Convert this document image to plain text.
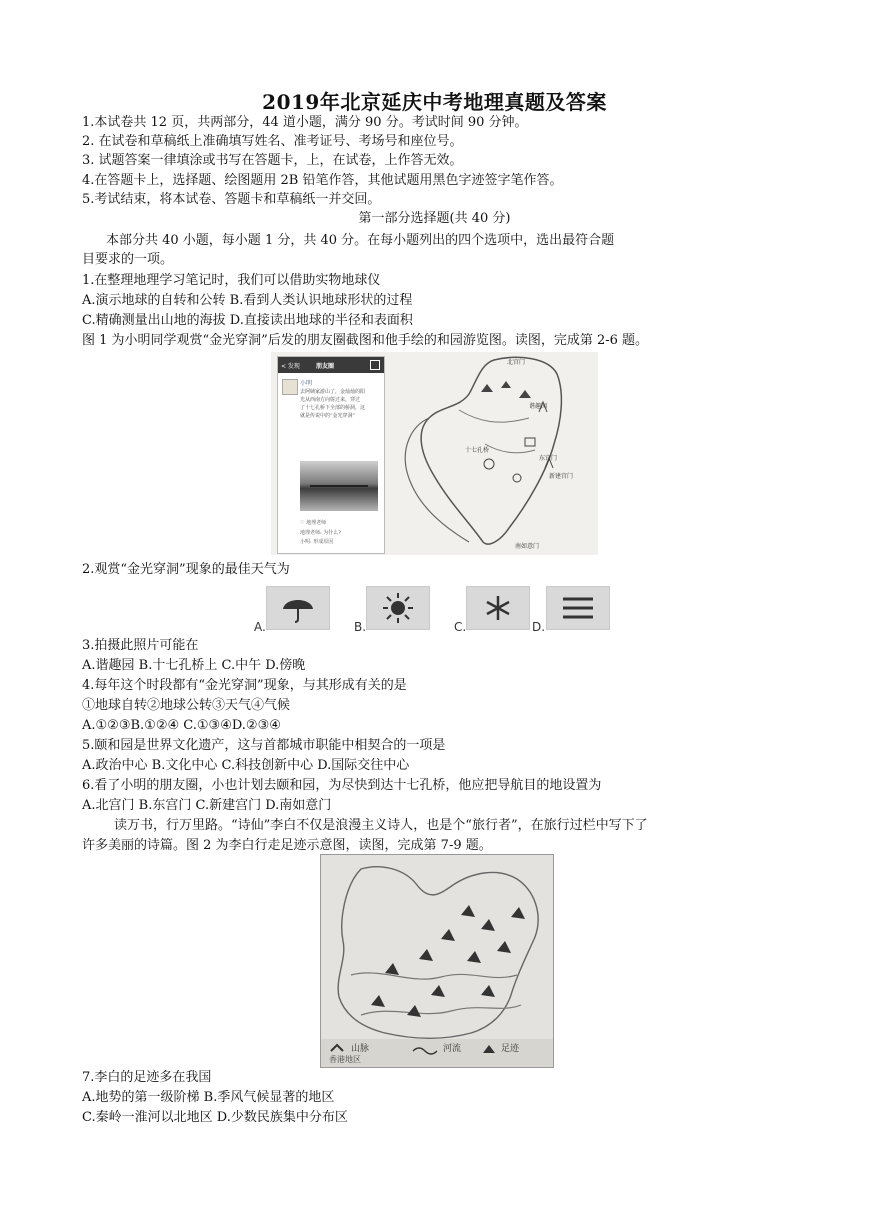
2019年北京延庆中考地理真题及答案
1.本试卷共 12 页，共两部分，44 道小题，满分 90 分。考试时间 90 分钟。
2. 在试卷和草稿纸上准确填写姓名、准考证号、考场号和座位号。
3. 试题答案一律填涂或书写在答题卡，上，在试卷，上作答无效。
4.在答题卡上，选择题、绘图题用 2B 铅笔作答，其他试题用黑色字迹签字笔作答。
5.考试结束，将本试卷、答题卡和草稿纸一并交回。
第一部分选择题(共 40 分)
本部分共 40 小题，每小题 1 分，共 40 分。在每小题列出的四个选项中，选出最符合题
目要求的一项。
1.在整理地理学习笔记时，我们可以借助实物地球仪
A.演示地球的自转和公转 B.看到人类认识地球形状的过程
C.精确测量出山地的海拔 D.直接读出地球的半径和表面积
图 1 为小明同学观赏“金光穿洞”后发的朋友圈截图和他手绘的和园游览图。读图，完成第 2-6 题。
< 发现	朋友圈
小明
去阿姨家游山了，金灿灿的阳
光从西南方向射过来，穿过
了十七孔桥下全部的桥洞，这
就是传说中的“金光穿洞”
♡ 地理老师
地理老师: 为什么?
小明: 形成原因
北宫门
东宫门
新建宫门
南如意门
十七孔桥
谐趣园
2.观赏“金光穿洞”现象的最佳天气为
A.	B.	C.	D.
3.拍摄此照片可能在
A.谐趣园 B.十七孔桥上 C.中午 D.傍晚
4.每年这个时段都有“金光穿洞”现象，与其形成有关的是
①地球自转②地球公转③天气④气候
A.①②③B.①②④ C.①③④D.②③④
5.颐和园是世界文化遗产，这与首都城市职能中相契合的一项是
A.政治中心 B.文化中心 C.科技创新中心 D.国际交往中心
6.看了小明的朋友圈，小也计划去颐和园，为尽快到达十七孔桥，他应把导航目的地设置为
A.北宫门 B.东宫门 C.新建宫门 D.南如意门
读万书，行万里路。“诗仙”李白不仅是浪漫主义诗人，也是个“旅行者”，在旅行过栏中写下了
许多美丽的诗篇。图 2 为李白行走足迹示意图，读图，完成第 7-9 题。
山脉	河流	足迹
香港地区
7.李白的足迹多在我国
A.地势的第一级阶梯 B.季风气候显著的地区
C.秦岭一淮河以北地区 D.少数民族集中分布区
